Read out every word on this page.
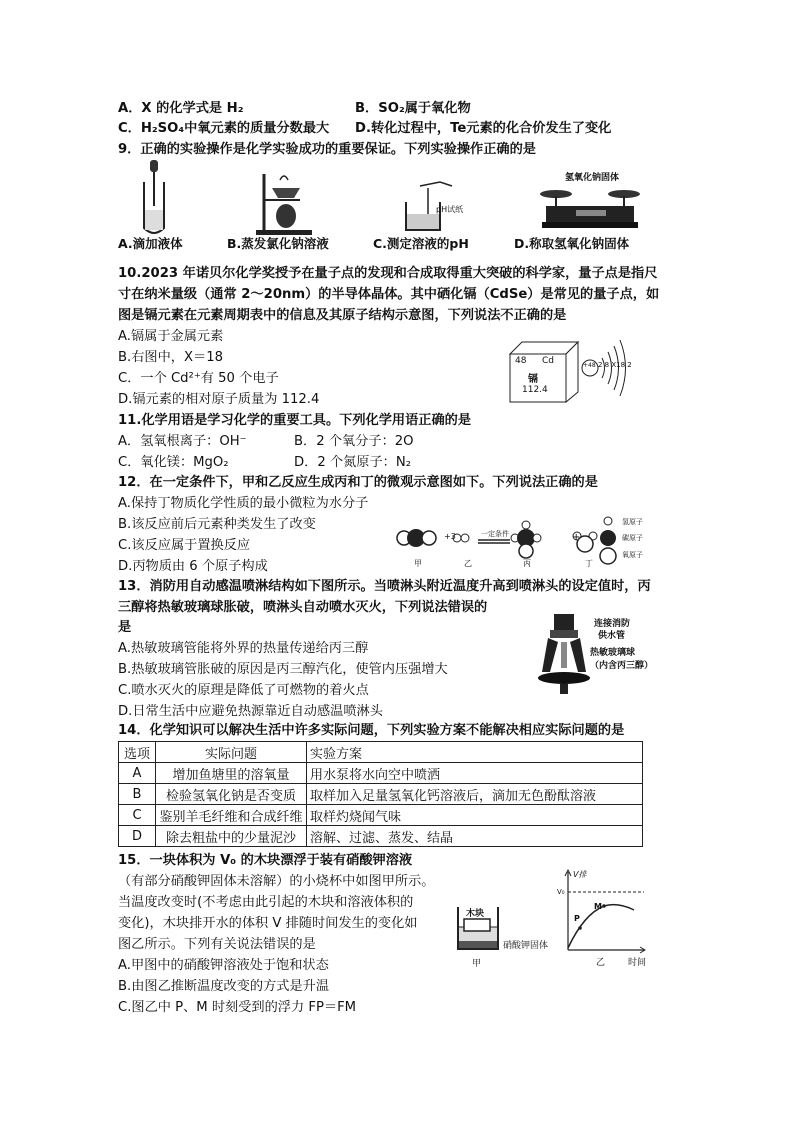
A．X 的化学式是 H₂	B．SO₂属于氧化物
C．H₂SO₄中氧元素的质量分数最大 D.转化过程中，Te元素的化合价发生了变化
9．正确的实验操作是化学实验成功的重要保证。下列实验操作正确的是
pH试纸
氢氧化钠固体
A.滴加液体	B.蒸发氯化钠溶液	C.测定溶液的pH	D.称取氢氧化钠固体
10.2023 年诺贝尔化学奖授予在量子点的发现和合成取得重大突破的科学家，量子点是指尺
寸在纳米量级（通常 2～20nm）的半导体晶体。其中硒化镉（CdSe）是常见的量子点，如
图是镉元素在元素周期表中的信息及其原子结构示意图，下列说法不正确的是
A.镉属于金属元素
B.右图中，X＝18
C．一个 Cd²⁺有 50 个电子
D.镉元素的相对原子质量为 112.4
48 Cd
镉
112.4
+48 2 8 X18 2
11.化学用语是学习化学的重要工具。下列化学用语正确的是
A．氢氧根离子：OH⁻	B．2 个氧分子：2O
C．氧化镁：MgO₂	D．2 个氮原子：N₂
12．在一定条件下，甲和乙反应生成丙和丁的微观示意图如下。下列说法正确的是
A.保持丁物质化学性质的最小微粒为水分子
B.该反应前后元素种类发生了改变
C.该反应属于置换反应
D.丙物质由 6 个原子构成
+3	一定条件	+
甲	乙	丙	丁
氢原子
碳原子
氧原子
13．消防用自动感温喷淋结构如下图所示。当喷淋头附近温度升高到喷淋头的设定值时，丙
三醇将热敏玻璃球胀破，喷淋头自动喷水灭火，下列说法错误的
是
A.热敏玻璃管能将外界的热量传递给丙三醇
B.热敏玻璃管胀破的原因是丙三醇汽化，使管内压强增大
C.喷水灭火的原理是降低了可燃物的着火点
D.日常生活中应避免热源靠近自动感温喷淋头
连接消防
供水管
热敏玻璃球
（内含丙三醇）
14．化学知识可以解决生活中许多实际问题，下列实验方案不能解决相应实际问题的是
选项	实际问题	实验方案
A	增加鱼塘里的溶氧量	用水泵将水向空中喷洒
B	检验氢氧化钠是否变质	取样加入足量氢氧化钙溶液后，滴加无色酚酞溶液
C	鉴别羊毛纤维和合成纤维	取样灼烧闻气味
D	除去粗盐中的少量泥沙	溶解、过滤、蒸发、结晶
15．一块体积为 V₀ 的木块漂浮于装有硝酸钾溶液
（有部分硝酸钾固体未溶解）的小烧杯中如图甲所示。
当温度改变时(不考虑由此引起的木块和溶液体积的
变化)，木块排开水的体积 V 排随时间发生的变化如
图乙所示。下列有关说法错误的是
A.甲图中的硝酸钾溶液处于饱和状态
B.由图乙推断温度改变的方式是升温
C.图乙中 P、M 时刻受到的浮力 FP＝FM
木块
硝酸钾固体
甲
V排
V₀
P
M
乙	时间
